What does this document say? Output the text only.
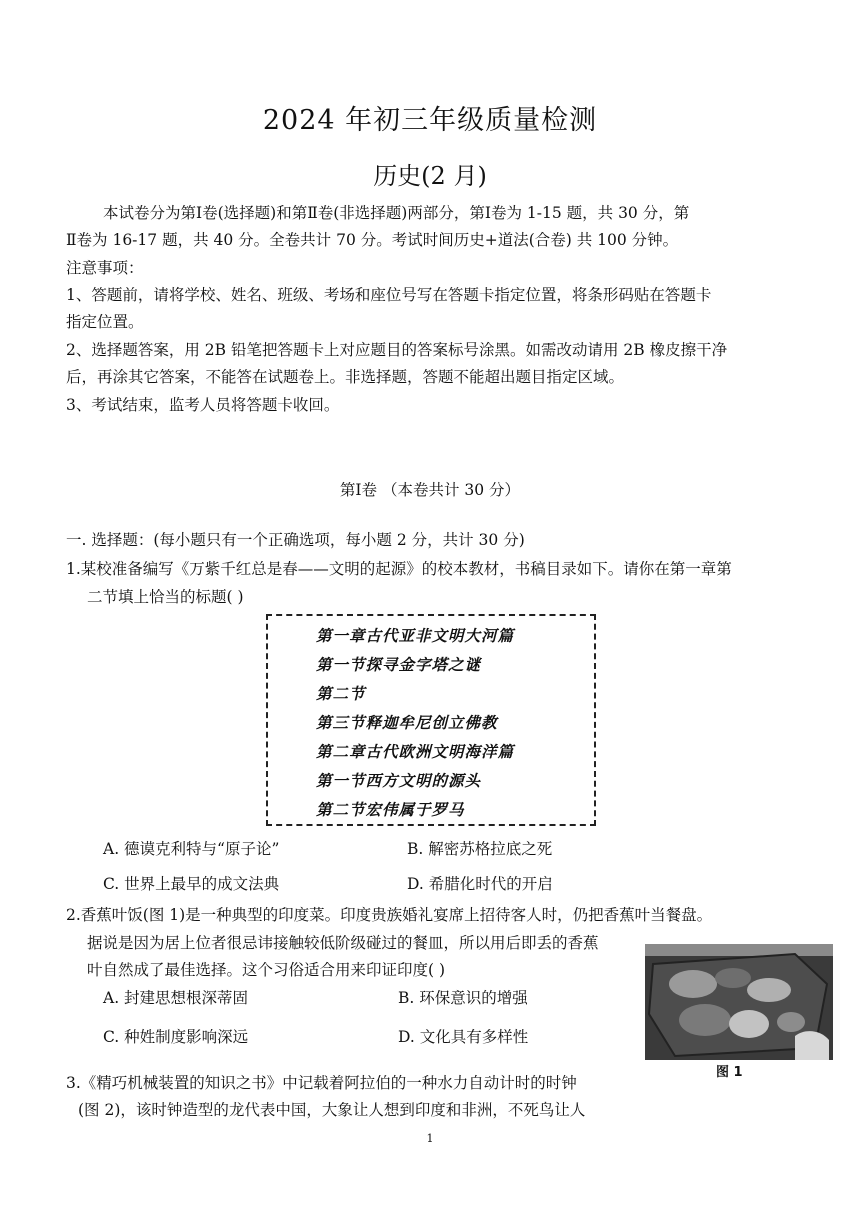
2024 年初三年级质量检测
历史(2 月)
本试卷分为第Ⅰ卷(选择题)和第Ⅱ卷(非选择题)两部分，第Ⅰ卷为 1-15 题，共 30 分，第
Ⅱ卷为 16-17 题，共 40 分。全卷共计 70 分。考试时间历史+道法(合卷) 共 100 分钟。
注意事项：
1、答题前，请将学校、姓名、班级、考场和座位号写在答题卡指定位置，将条形码贴在答题卡
指定位置。
2、选择题答案，用 2B 铅笔把答题卡上对应题目的答案标号涂黑。如需改动请用 2B 橡皮擦干净
后，再涂其它答案，不能答在试题卷上。非选择题，答题不能超出题目指定区域。
3、考试结束，监考人员将答题卡收回。
第Ⅰ卷 （本卷共计 30 分）
一. 选择题：(每小题只有一个正确选项，每小题 2 分，共计 30 分)
1.某校准备编写《万紫千红总是春——文明的起源》的校本教材，书稿目录如下。请你在第一章第
二节填上恰当的标题( )
第一章古代亚非文明大河篇
第一节探寻金字塔之谜
第二节
第三节释迦牟尼创立佛教
第二章古代欧洲文明海洋篇
第一节西方文明的源头
第二节宏伟属于罗马
A. 德谟克利特与“原子论”	B. 解密苏格拉底之死
C. 世界上最早的成文法典	D. 希腊化时代的开启
2.香蕉叶饭(图 1)是一种典型的印度菜。印度贵族婚礼宴席上招待客人时，仍把香蕉叶当餐盘。
据说是因为居上位者很忌讳接触较低阶级碰过的餐皿，所以用后即丢的香蕉
叶自然成了最佳选择。这个习俗适合用来印证印度( )
A. 封建思想根深蒂固	B. 环保意识的增强
C. 种姓制度影响深远	D. 文化具有多样性
图 1
3.《精巧机械装置的知识之书》中记载着阿拉伯的一种水力自动计时的时钟
(图 2)，该时钟造型的龙代表中国，大象让人想到印度和非洲，不死鸟让人
1
